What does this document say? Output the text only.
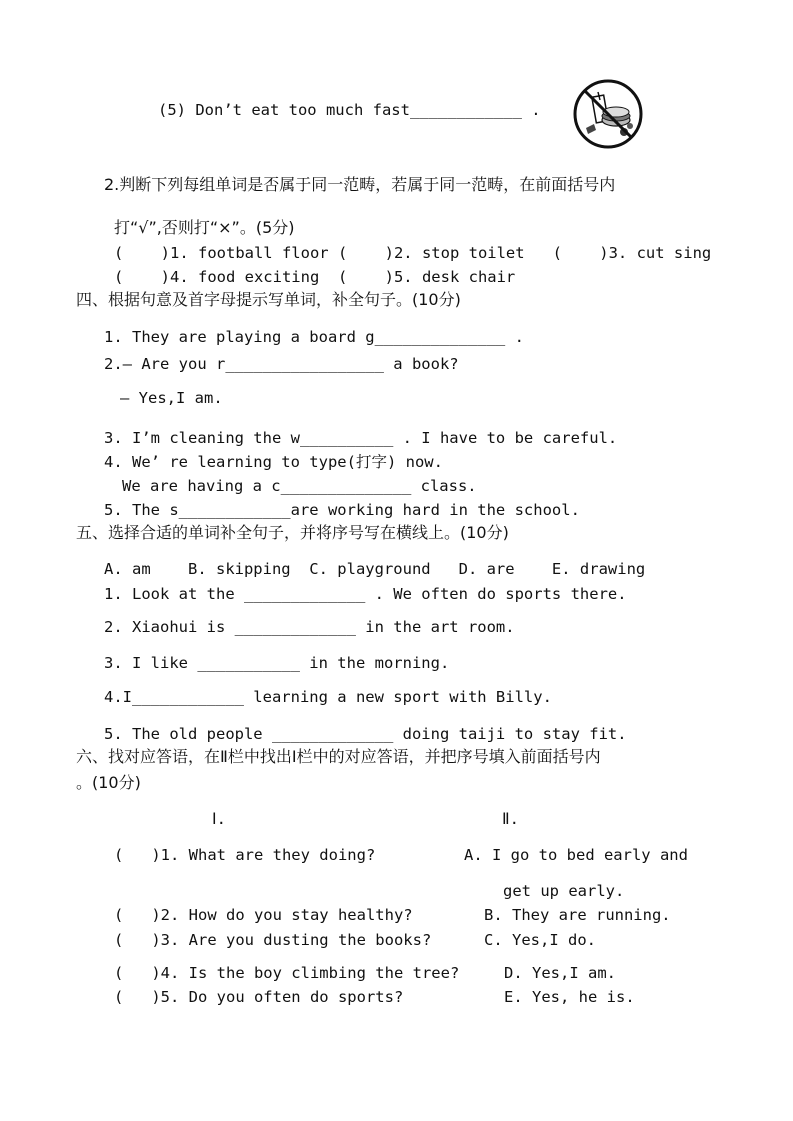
(5) Don’t eat too much fast____________ .
2.判断下列每组单词是否属于同一范畴，若属于同一范畴，在前面括号内
打“√”,否则打“×”。(5分)
(    )1. football floor (    )2. stop toilet   (    )3. cut sing
(    )4. food exciting  (    )5. desk chair
四、根据句意及首字母提示写单词，补全句子。(10分)
1. They are playing a board g______________ .
2.— Are you r_________________ a book?
— Yes,I am.
3. I’m cleaning the w__________ . I have to be careful.
4. We’ re learning to type(打字) now.
We are having a c______________ class.
5. The s____________are working hard in the school.
五、选择合适的单词补全句子，并将序号写在横线上。(10分)
A. am    B. skipping  C. playground   D. are    E. drawing
1. Look at the _____________ . We often do sports there.
2. Xiaohui is _____________ in the art room.
3. I like ___________ in the morning.
4.I____________ learning a new sport with Billy.
5. The old people _____________ doing taiji to stay fit.
六、找对应答语，在Ⅱ栏中找出Ⅰ栏中的对应答语，并把序号填入前面括号内
。(10分)
Ⅰ.	Ⅱ.
(   )1. What are they doing?	A. I go to bed early and
get up early.
(   )2. How do you stay healthy?	B. They are running.
(   )3. Are you dusting the books?	C. Yes,I do.
(   )4. Is the boy climbing the tree?	D. Yes,I am.
(   )5. Do you often do sports?	E. Yes, he is.
